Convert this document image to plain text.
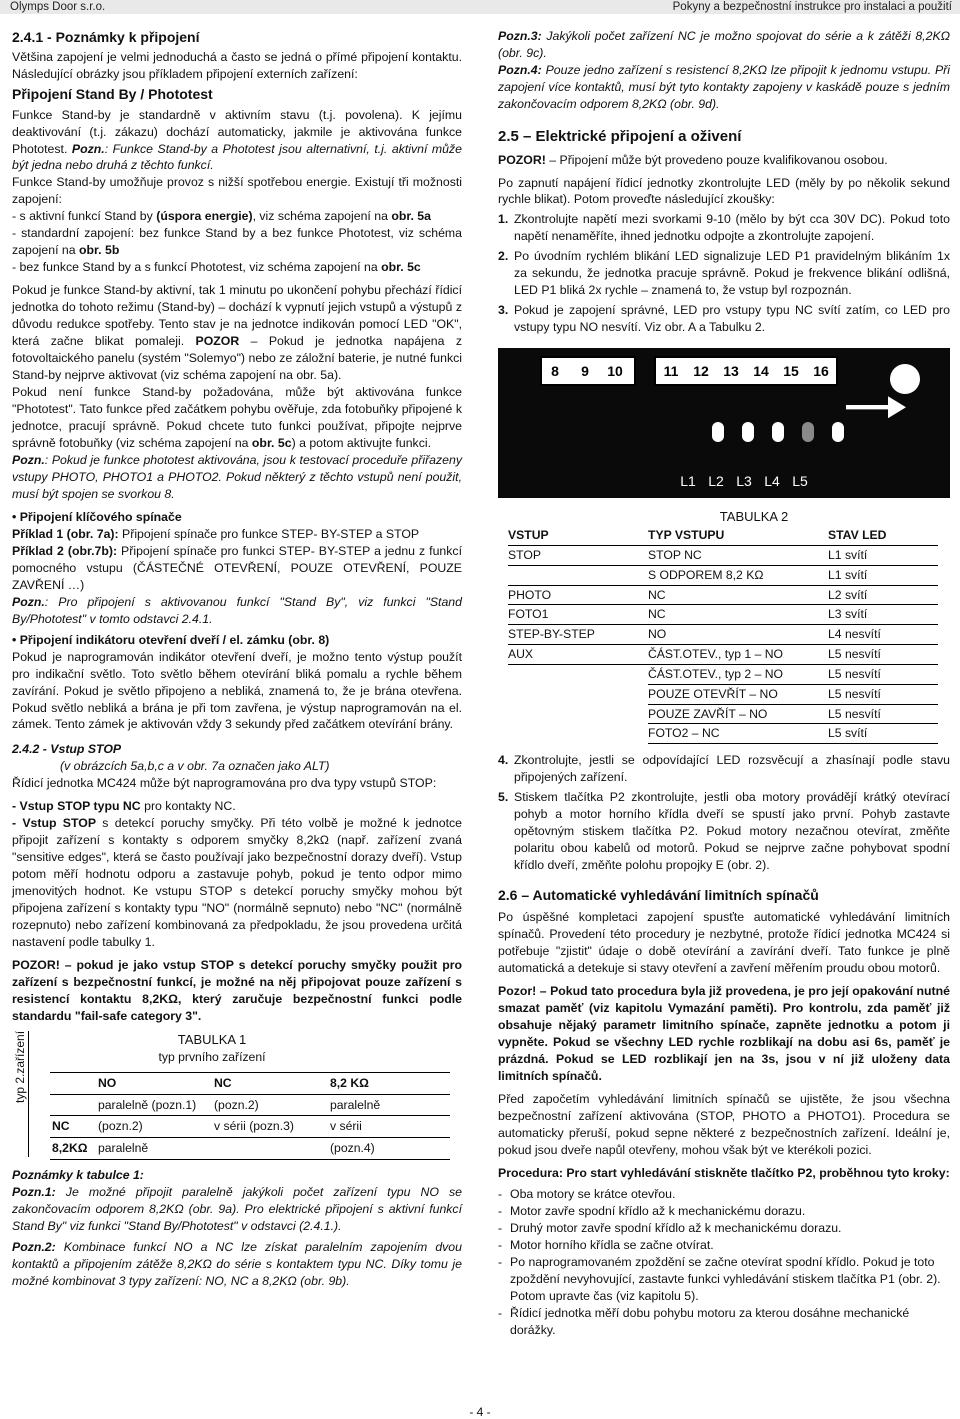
Olymps Door s.r.o.	Pokyny a bezpečnostní instrukce pro instalaci a použití
2.4.1 - Poznámky k připojení

Většina zapojení je velmi jednoduchá a často se jedná o přímé připojení kontaktu. Následující obrázky jsou příkladem připojení externích zařízení:

Připojení Stand By / Phototest

Funkce Stand-by je standardně v aktivním stavu (t.j. povolena). K jejímu deaktivování (t.j. zákazu) dochází automaticky, jakmile je aktivována funkce Phototest. Pozn.: Funkce Stand-by a Phototest jsou alternativní, t.j. aktivní může být jedna nebo druhá z těchto funkcí.

Funkce Stand-by umožňuje provoz s nižší spotřebou energie. Existují tři možnosti zapojení:

- s aktivní funkcí Stand by (úspora energie), viz schéma zapojení na obr. 5a

- standardní zapojení: bez funkce Stand by a bez funkce Phototest, viz schéma zapojení na obr. 5b

- bez funkce Stand by a s funkcí Phototest, viz schéma zapojení na obr. 5c

Pokud je funkce Stand-by aktivní, tak 1 minutu po ukončení pohybu přechází řídicí jednotka do tohoto režimu (Stand-by) – dochází k vypnutí jejich vstupů a výstupů z důvodu redukce spotřeby. Tento stav je na jednotce indikován pomocí LED "OK", která začne blikat pomaleji. POZOR – Pokud je jednotka napájena z fotovoltaického panelu (systém "Solemyo") nebo ze záložní baterie, je nutné funkci Stand-by nejprve aktivovat (viz schéma zapojení na obr. 5a).

Pokud není funkce Stand-by požadována, může být aktivována funkce "Phototest". Tato funkce před začátkem pohybu ověřuje, zda fotobuňky připojené k jednotce, pracují správně. Pokud chcete tuto funkci používat, připojte nejprve správně fotobuňky (viz schéma zapojení na obr. 5c) a potom aktivujte funkci.

Pozn.: Pokud je funkce phototest aktivována, jsou k testovací proceduře přiřazeny vstupy PHOTO, PHOTO1 a PHOTO2. Pokud některý z těchto vstupů není použit, musí být spojen se svorkou 8.

• Připojení klíčového spínače

Příklad 1 (obr. 7a): Připojení spínače pro funkce STEP- BY-STEP a STOP

Příklad 2 (obr.7b): Připojení spínače pro funkci STEP- BY-STEP a jednu z funkcí pomocného vstupu (ČÁSTEČNÉ OTEVŘENÍ, POUZE OTEVŘENÍ, POUZE ZAVŘENÍ …)

Pozn.: Pro připojení s aktivovanou funkcí "Stand By", viz funkci "Stand By/Phototest" v tomto odstavci 2.4.1.

• Připojení indikátoru otevření dveří / el. zámku (obr. 8)

Pokud je naprogramován indikátor otevření dveří, je možno tento výstup použít pro indikační světlo. Toto světlo během otevírání bliká pomalu a rychle během zavírání. Pokud je světlo připojeno a nebliká, znamená to, že je brána otevřena. Pokud světlo nebliká a brána je při tom zavřena, je výstup naprogramován na el. zámek. Tento zámek je aktivován vždy 3 sekundy před začátkem otevírání brány.

2.4.2 - Vstup STOP
(v obrázcích 5a,b,c a v obr. 7a označen jako ALT)

Řídicí jednotka MC424 může být naprogramována pro dva typy vstupů STOP:

- Vstup STOP typu NC pro kontakty NC.

- Vstup STOP s detekcí poruchy smyčky. Při této volbě je možné k jednotce připojit zařízení s kontakty s odporem smyčky 8,2kΩ (např. zařízení zvaná "sensitive edges", která se často používají jako bezpečnostní dorazy dveří). Vstup potom měří hodnotu odporu a zastavuje pohyb, pokud je tento odpor mimo jmenovitých hodnot. Ke vstupu STOP s detekcí poruchy smyčky mohou být připojena zařízení s kontakty typu "NO" (normálně sepnuto) nebo "NC" (normálně rozepnuto) nebo zařízení kombinovaná za předpokladu, že jsou provedena určitá nastavení podle tabulky 1.

POZOR! – pokud je jako vstup STOP s detekcí poruchy smyčky použit pro zařízení s bezpečnostní funkcí, je možné na něj připojovat pouze zařízení s resistencí kontaktu 8,2KΩ, který zaručuje bezpečnostní funkci podle standardu "fail-safe category 3".

typ 2.zařízení
		TABULKA 1		
	typ prvního zařízení		
	NO	NC	8,2 KΩ
	paralelně (pozn.1)	(pozn.2)	paralelně
NC	(pozn.2)	v sérii (pozn.3)	v sérii
8,2KΩ	paralelně		(pozn.4)
Poznámky k tabulce 1:

Pozn.1: Je možné připojit paralelně jakýkoli počet zařízení typu NO se zakončovacím odporem 8,2KΩ (obr. 9a). Pro elektrické připojení s aktivní funkcí Stand By" viz funkci "Stand By/Phototest" v odstavci (2.4.1.).

Pozn.2: Kombinace funkcí NO a NC lze získat paralelním zapojením dvou kontaktů a připojením zátěže 8,2KΩ do série s kontaktem typu NC. Díky tomu je možné kombinovat 3 typy zařízení: NO, NC a 8,2KΩ (obr. 9b).

Pozn.3: Jakýkoli počet zařízení NC je možno spojovat do série a k zátěži 8,2KΩ (obr. 9c).

Pozn.4: Pouze jedno zařízení s resistencí 8,2KΩ lze připojit k jednomu vstupu. Při zapojení více kontaktů, musí být tyto kontakty zapojeny v kaskádě pouze s jedním zakončovacím odporem 8,2KΩ (obr. 9d).

2.5 – Elektrické připojení a oživení

POZOR! – Připojení může být provedeno pouze kvalifikovanou osobou.

Po zapnutí napájení řídicí jednotky zkontrolujte LED (měly by po několik sekund rychle blikat). Potom proveďte následující zkoušky:

1. Zkontrolujte napětí mezi svorkami 9-10 (mělo by být cca 30V DC). Pokud toto napětí nenaměříte, ihned jednotku odpojte a zkontrolujte zapojení.
2. Po úvodním rychlém blikání LED signalizuje LED P1 pravidelným blikáním 1x za sekundu, že jednotka pracuje správně. Pokud je frekvence blikání odlišná, LED P1 bliká 2x rychle – znamená to, že vstup byl rozpoznán.
3. Pokud je zapojení správné, LED pro vstupy typu NC svítí zatím, co LED pro vstupy typu NO nesvítí. Viz obr. A a Tabulku 2.
8	9	10	11 12 13 14 15 16
L1 L2 L3 L4 L5
TABULKA 2
VSTUP	TYP VSTUPU	STAV LED
STOP	STOP NC	L1 svítí
	S ODPOREM 8,2 KΩ	L1 svítí
PHOTO	NC	L2 svítí
FOTO1	NC	L3 svítí
STEP-BY-STEP	NO	L4 nesvítí
AUX	ČÁST.OTEV., typ 1 – NO	L5 nesvítí
	ČÁST.OTEV., typ 2 – NO	L5 nesvítí
	POUZE OTEVŘÍT – NO	L5 nesvítí
	POUZE ZAVŘÍT – NO	L5 nesvítí
	FOTO2 – NC	L5 svítí
4. Zkontrolujte, jestli se odpovídající LED rozsvěcují a zhasínají podle stavu připojených zařízení.
5. Stiskem tlačítka P2 zkontrolujte, jestli oba motory provádějí krátký otevírací pohyb a motor horního křídla dveří se spustí jako první. Pohyb zastavte opětovným stiskem tlačítka P2. Pokud motory nezačnou otevírat, změňte polaritu obou kabelů od motorů. Pokud se nejprve začne pohybovat spodní křídlo dveří, změňte polohu propojky E (obr. 2).
2.6 – Automatické vyhledávání limitních spínačů

Po úspěšné kompletaci zapojení spusťte automatické vyhledávání limitních spínačů. Provedení této procedury je nezbytné, protože řídicí jednotka MC424 si potřebuje "zjistit" údaje o době otevírání a zavírání dveří. Tato funkce je plně automatická a detekuje si stavy otevření a zavření měřením proudu obou motorů.

Pozor! – Pokud tato procedura byla již provedena, je pro její opakování nutné smazat paměť (viz kapitolu Vymazání paměti). Pro kontrolu, zda paměť již obsahuje nějaký parametr limitního spínače, zapněte jednotku a potom ji vypněte. Pokud se všechny LED rychle rozblikají na dobu asi 6s, paměť je prázdná. Pokud se LED rozblikají jen na 3s, jsou v ní již uloženy data limitních spínačů.

Před započetím vyhledávání limitních spínačů se ujistěte, že jsou všechna bezpečnostní zařízení aktivována (STOP, PHOTO a PHOTO1). Procedura se automaticky přeruší, pokud sepne některé z bezpečnostních zařízení. Ideální je, pokud jsou dveře napůl otevřeny, mohou však být ve kterékoli pozici.

Procedura: Pro start vyhledávání stiskněte tlačítko P2, proběhnou tyto kroky:

- Oba motory se krátce otevřou.
- Motor zavře spodní křídlo až k mechanickému dorazu.
- Druhý motor zavře spodní křídlo až k mechanickému dorazu.
- Motor horního křídla se začne otvírat.
- Po naprogramovaném zpoždění se začne otevírat spodní křídlo. Pokud je toto zpoždění nevyhovující, zastavte funkci vyhledávání stiskem tlačítka P1 (obr. 2). Potom upravte čas (viz kapitolu 5).
- Řídicí jednotka měří dobu pohybu motoru za kterou dosáhne mechanické dorážky.
- 4 -
